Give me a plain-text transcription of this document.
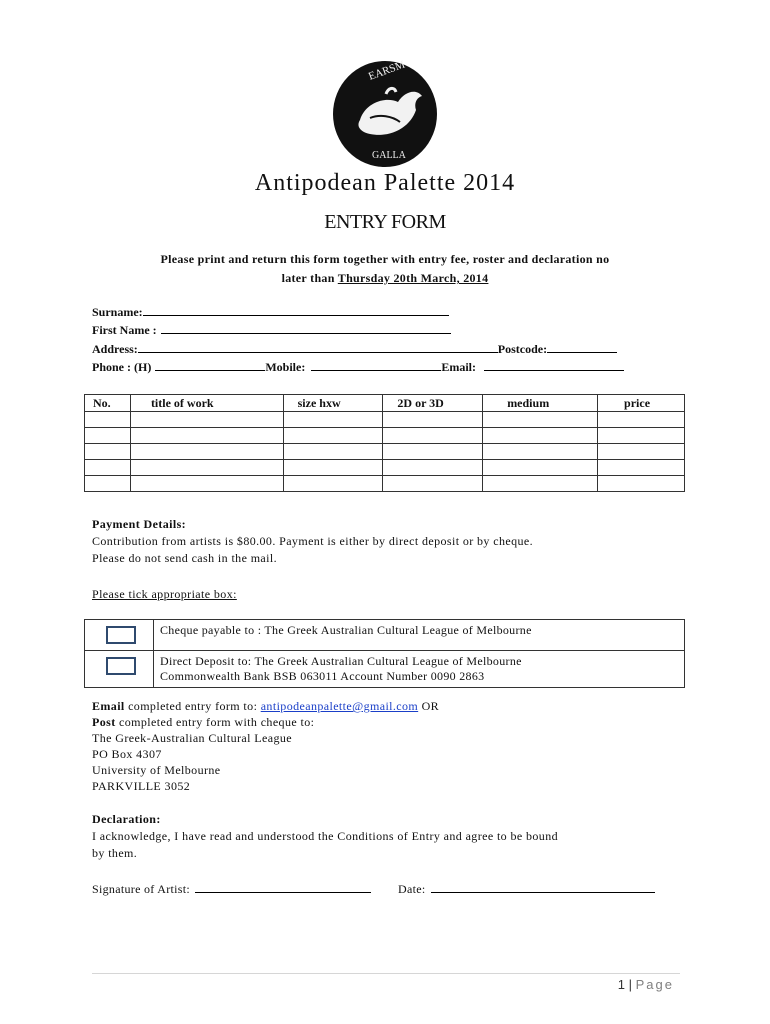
EARSM
GALLA
Antipodean Palette 2014
ENTRY FORM
Please print and return this form together with entry fee, roster and declaration no
later than Thursday 20th March, 2014
Surname:
First Name :
Address:	Postcode:
Phone : (H)	Mobile:	Email:
No.	title of work	size hxw	2D or 3D	medium	price

Payment Details:
Contribution from artists is $80.00. Payment is either by direct deposit or by cheque.
Please do not send cash in the mail.
Please tick appropriate box:

	Cheque payable to : The Greek Australian Cultural League of Melbourne

	Direct Deposit to: The Greek Australian Cultural League of Melbourne
Commonwealth Bank BSB 063011 Account Number 0090 2863
Email completed entry form to: antipodeanpalette@gmail.com OR
Post completed entry form with cheque to:
The Greek-Australian Cultural League
PO Box 4307
University of Melbourne
PARKVILLE 3052
Declaration:
I acknowledge, I have read and understood the Conditions of Entry and agree to be bound
by them.
Signature of Artist:	Date:
1 | Page
